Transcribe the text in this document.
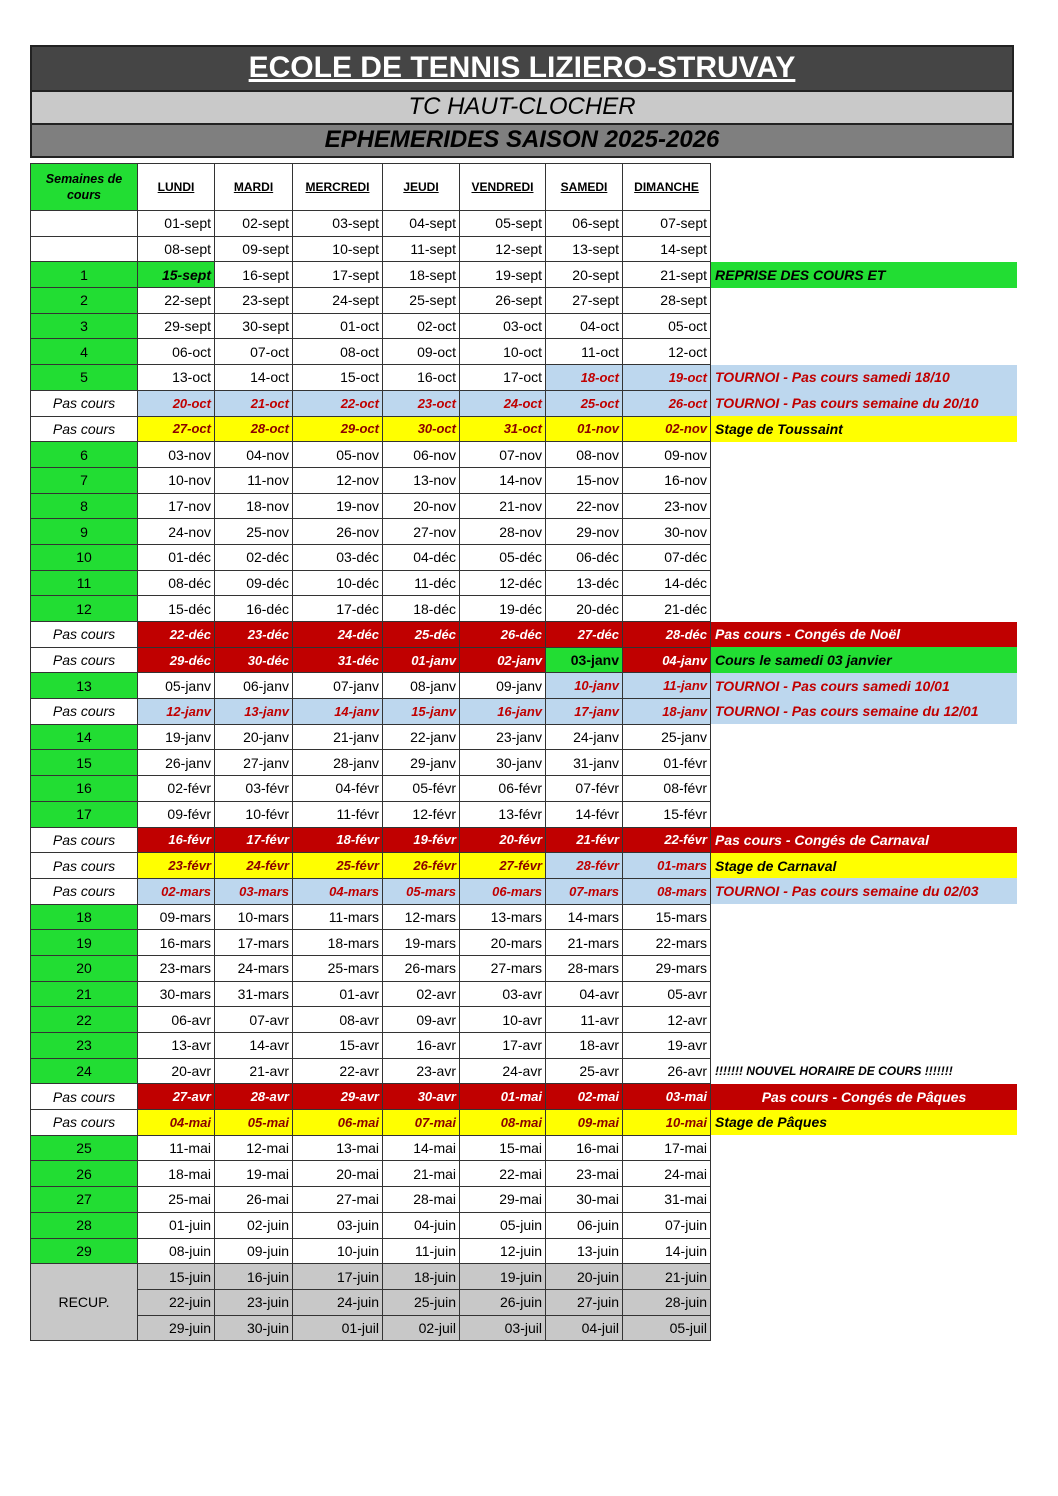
ECOLE DE TENNIS LIZIERO-STRUVAY
TC HAUT-CLOCHER
EPHEMERIDES SAISON 2025-2026
Semaines de cours	LUNDI	MARDI	MERCREDI	JEUDI	VENDREDI	SAMEDI	DIMANCHE	
	01-sept	02-sept	03-sept	04-sept	05-sept	06-sept	07-sept	
	08-sept	09-sept	10-sept	11-sept	12-sept	13-sept	14-sept	
1	15-sept	16-sept	17-sept	18-sept	19-sept	20-sept	21-sept	REPRISE DES COURS ET
2	22-sept	23-sept	24-sept	25-sept	26-sept	27-sept	28-sept	
3	29-sept	30-sept	01-oct	02-oct	03-oct	04-oct	05-oct	
4	06-oct	07-oct	08-oct	09-oct	10-oct	11-oct	12-oct	
5	13-oct	14-oct	15-oct	16-oct	17-oct	18-oct	19-oct	TOURNOI - Pas cours samedi 18/10
Pas cours	20-oct	21-oct	22-oct	23-oct	24-oct	25-oct	26-oct	TOURNOI - Pas cours semaine du 20/10
Pas cours	27-oct	28-oct	29-oct	30-oct	31-oct	01-nov	02-nov	Stage de Toussaint
6	03-nov	04-nov	05-nov	06-nov	07-nov	08-nov	09-nov	
7	10-nov	11-nov	12-nov	13-nov	14-nov	15-nov	16-nov	
8	17-nov	18-nov	19-nov	20-nov	21-nov	22-nov	23-nov	
9	24-nov	25-nov	26-nov	27-nov	28-nov	29-nov	30-nov	
10	01-déc	02-déc	03-déc	04-déc	05-déc	06-déc	07-déc	
11	08-déc	09-déc	10-déc	11-déc	12-déc	13-déc	14-déc	
12	15-déc	16-déc	17-déc	18-déc	19-déc	20-déc	21-déc	
Pas cours	22-déc	23-déc	24-déc	25-déc	26-déc	27-déc	28-déc	Pas cours - Congés de Noël
Pas cours	29-déc	30-déc	31-déc	01-janv	02-janv	03-janv	04-janv	Cours le samedi 03 janvier
13	05-janv	06-janv	07-janv	08-janv	09-janv	10-janv	11-janv	TOURNOI - Pas cours samedi 10/01
Pas cours	12-janv	13-janv	14-janv	15-janv	16-janv	17-janv	18-janv	TOURNOI - Pas cours semaine du 12/01
14	19-janv	20-janv	21-janv	22-janv	23-janv	24-janv	25-janv	
15	26-janv	27-janv	28-janv	29-janv	30-janv	31-janv	01-févr	
16	02-févr	03-févr	04-févr	05-févr	06-févr	07-févr	08-févr	
17	09-févr	10-févr	11-févr	12-févr	13-févr	14-févr	15-févr	
Pas cours	16-févr	17-févr	18-févr	19-févr	20-févr	21-févr	22-févr	Pas cours - Congés de Carnaval
Pas cours	23-févr	24-févr	25-févr	26-févr	27-févr	28-févr	01-mars	Stage de Carnaval
Pas cours	02-mars	03-mars	04-mars	05-mars	06-mars	07-mars	08-mars	TOURNOI - Pas cours semaine du 02/03
18	09-mars	10-mars	11-mars	12-mars	13-mars	14-mars	15-mars	
19	16-mars	17-mars	18-mars	19-mars	20-mars	21-mars	22-mars	
20	23-mars	24-mars	25-mars	26-mars	27-mars	28-mars	29-mars	
21	30-mars	31-mars	01-avr	02-avr	03-avr	04-avr	05-avr	
22	06-avr	07-avr	08-avr	09-avr	10-avr	11-avr	12-avr	
23	13-avr	14-avr	15-avr	16-avr	17-avr	18-avr	19-avr	
24	20-avr	21-avr	22-avr	23-avr	24-avr	25-avr	26-avr	!!!!!!! NOUVEL HORAIRE DE COURS !!!!!!!
Pas cours	27-avr	28-avr	29-avr	30-avr	01-mai	02-mai	03-mai	Pas cours - Congés de Pâques
Pas cours	04-mai	05-mai	06-mai	07-mai	08-mai	09-mai	10-mai	Stage de Pâques
25	11-mai	12-mai	13-mai	14-mai	15-mai	16-mai	17-mai	
26	18-mai	19-mai	20-mai	21-mai	22-mai	23-mai	24-mai	
27	25-mai	26-mai	27-mai	28-mai	29-mai	30-mai	31-mai	
28	01-juin	02-juin	03-juin	04-juin	05-juin	06-juin	07-juin	
29	08-juin	09-juin	10-juin	11-juin	12-juin	13-juin	14-juin	
RECUP.	15-juin	16-juin	17-juin	18-juin	19-juin	20-juin	21-juin	
	22-juin	23-juin	24-juin	25-juin	26-juin	27-juin	28-juin	
	29-juin	30-juin	01-juil	02-juil	03-juil	04-juil	05-juil	
